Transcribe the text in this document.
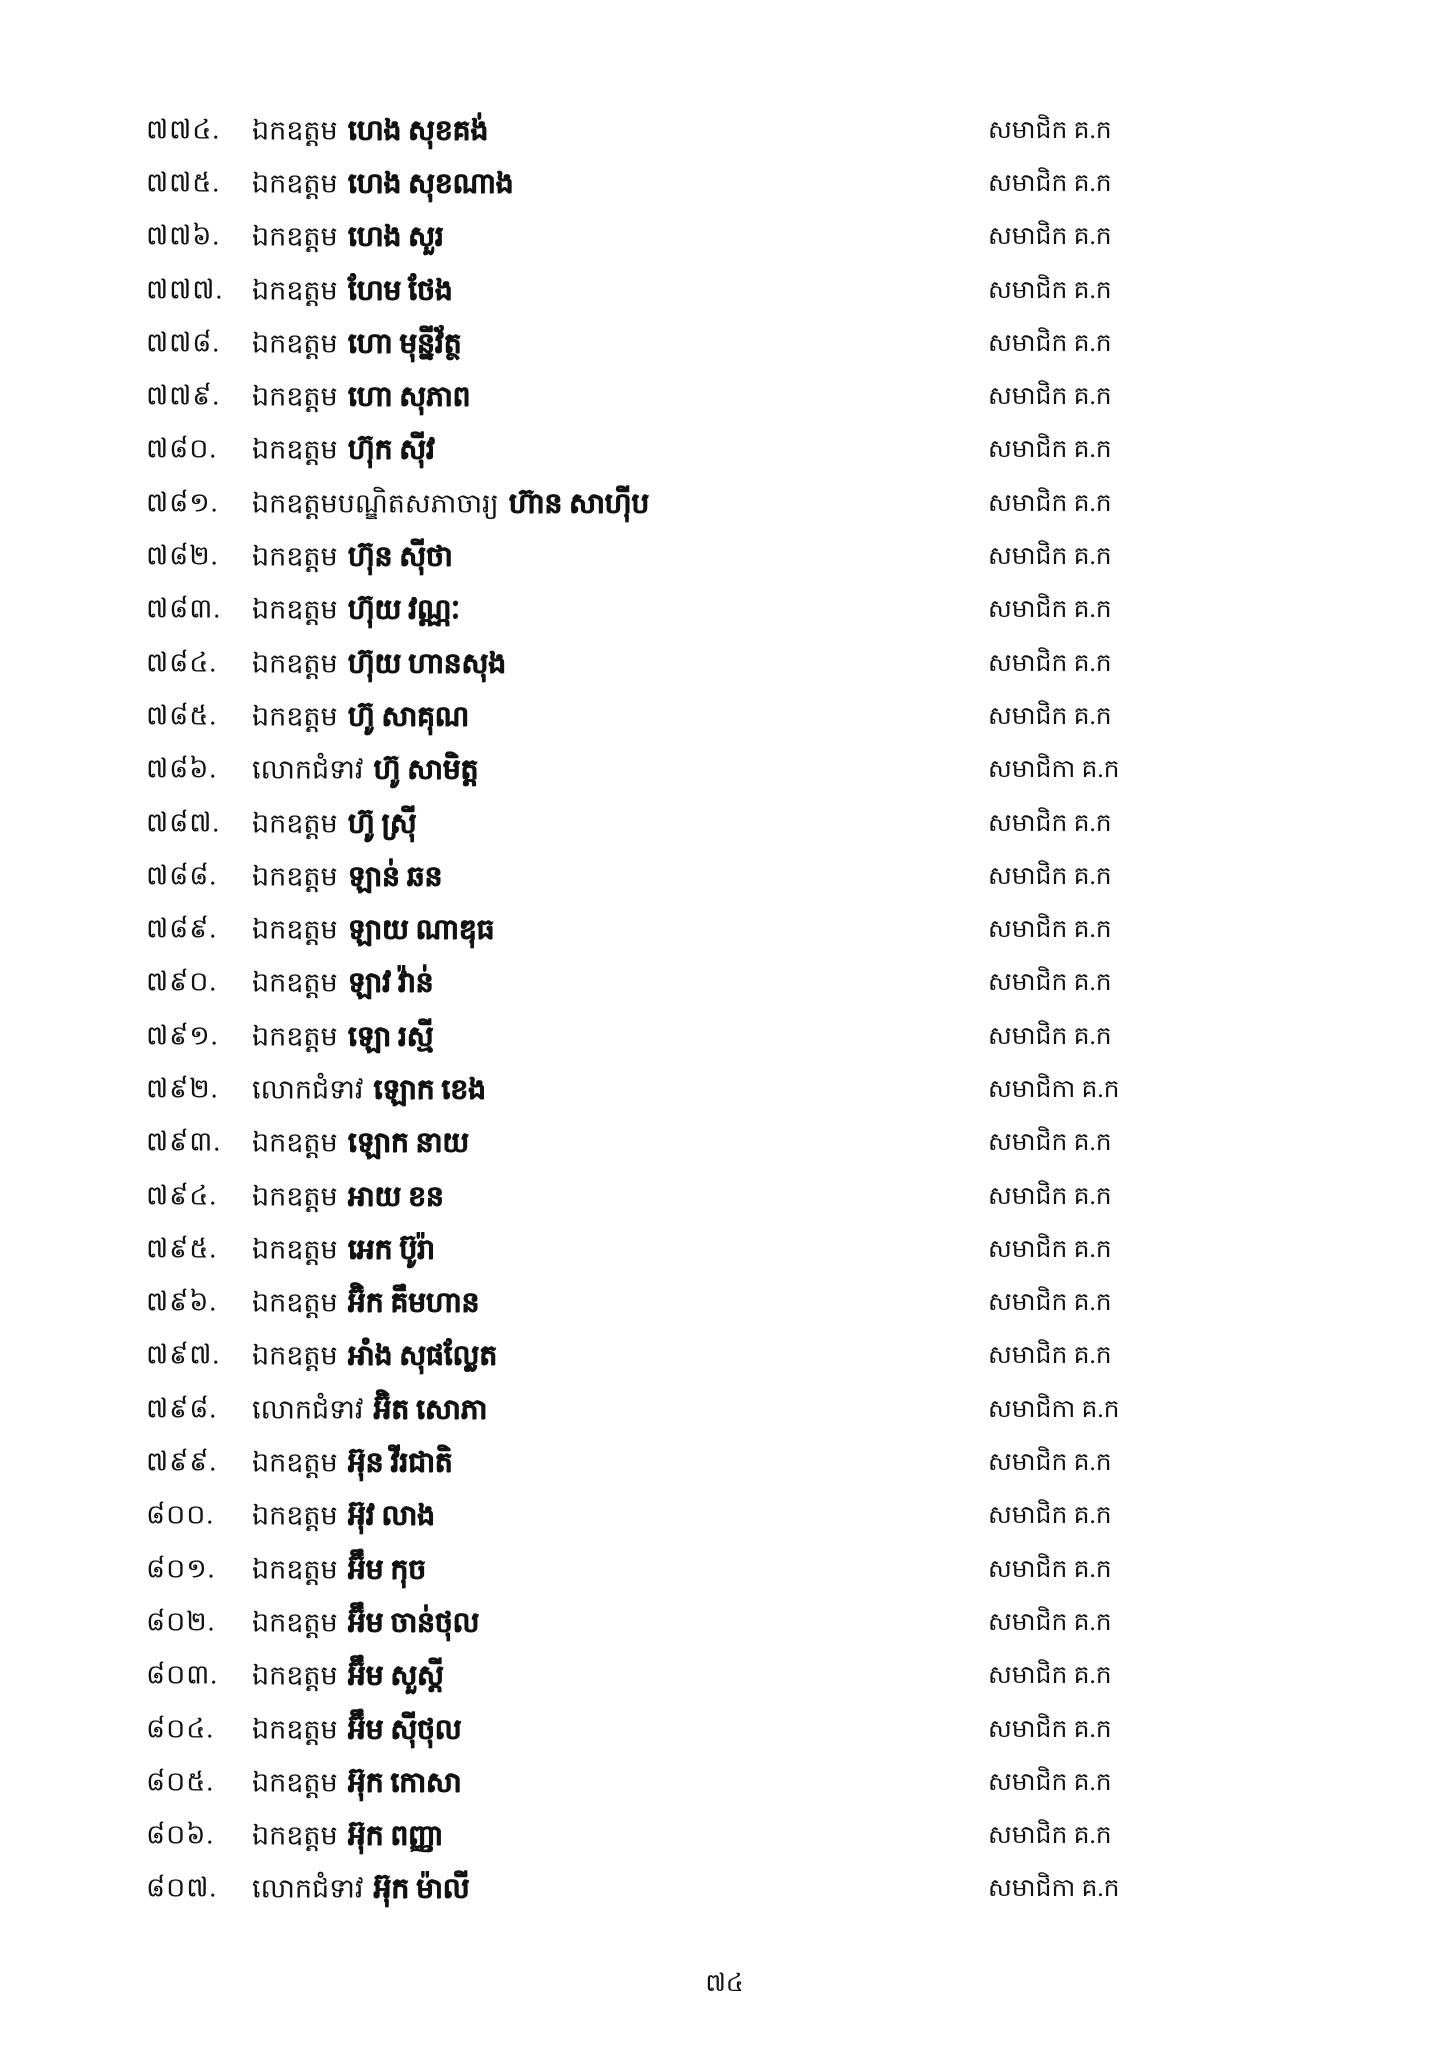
៧៧៤. ឯកឧត្តម ហេង សុខគង់	សមាជិក គ.ក
៧៧៥. ឯកឧត្តម ហេង សុខណាង	សមាជិក គ.ក
៧៧៦. ឯកឧត្តម ហេង សួរ	សមាជិក គ.ក
៧៧៧. ឯកឧត្តម ហែម ថែង	សមាជិក គ.ក
៧៧៨. ឯកឧត្តម ហោ មុន្នីវ័ត្ថ	សមាជិក គ.ក
៧៧៩. ឯកឧត្តម ហោ សុភាព	សមាជិក គ.ក
៧៨០. ឯកឧត្តម ហ៊ុក ស៊ីវ	សមាជិក គ.ក
៧៨១. ឯកឧត្តមបណ្ឌិតសភាចារ្យ ហ៊ាន សាហ៊ីប	សមាជិក គ.ក
៧៨២. ឯកឧត្តម ហ៊ុន ស៊ីថា	សមាជិក គ.ក
៧៨៣. ឯកឧត្តម ហ៊ុយ វណ្ណៈ	សមាជិក គ.ក
៧៨៤. ឯកឧត្តម ហ៊ុយ ហានសុង	សមាជិក គ.ក
៧៨៥. ឯកឧត្តម ហ៊ូ សាគុណ	សមាជិក គ.ក
៧៨៦. លោកជំទាវ ហ៊ូ សាមិត្ត	សមាជិកា គ.ក
៧៨៧. ឯកឧត្តម ហ៊ូ ស្រ៊ី	សមាជិក គ.ក
៧៨៨. ឯកឧត្តម ឡាន់ ឆន	សមាជិក គ.ក
៧៨៩. ឯកឧត្តម ឡាយ ណាឌុធ	សមាជិក គ.ក
៧៩០. ឯកឧត្តម ឡាវ វ៉ាន់	សមាជិក គ.ក
៧៩១. ឯកឧត្តម ឡោ រស្មី	សមាជិក គ.ក
៧៩២. លោកជំទាវ ឡោក ខេង	សមាជិកា គ.ក
៧៩៣. ឯកឧត្តម ឡោក នាយ	សមាជិក គ.ក
៧៩៤. ឯកឧត្តម អាយ ខន	សមាជិក គ.ក
៧៩៥. ឯកឧត្តម អេក ប៊ូរ៉ា	សមាជិក គ.ក
៧៩៦. ឯកឧត្តម អ៊ិក គឹមហាន	សមាជិក គ.ក
៧៩៧. ឯកឧត្តម អាំង សុផល្លែត	សមាជិក គ.ក
៧៩៨. លោកជំទាវ អ៊ិត សោភា	សមាជិកា គ.ក
៧៩៩. ឯកឧត្តម អ៊ុន វីរជាតិ	សមាជិក គ.ក
៨០០. ឯកឧត្តម អ៊ុវ លាង	សមាជិក គ.ក
៨០១. ឯកឧត្តម អ៊ឹម កុច	សមាជិក គ.ក
៨០២. ឯកឧត្តម អ៊ឹម ចាន់ថុល	សមាជិក គ.ក
៨០៣. ឯកឧត្តម អ៊ឹម សួស្ដី	សមាជិក គ.ក
៨០៤. ឯកឧត្តម អ៊ឹម ស៊ីថុល	សមាជិក គ.ក
៨០៥. ឯកឧត្តម អ៊ុក កោសា	សមាជិក គ.ក
៨០៦. ឯកឧត្តម អ៊ុក ពញ្ញា	សមាជិក គ.ក
៨០៧. លោកជំទាវ អ៊ុក ម៉ាលី	សមាជិកា គ.ក
៧៤
